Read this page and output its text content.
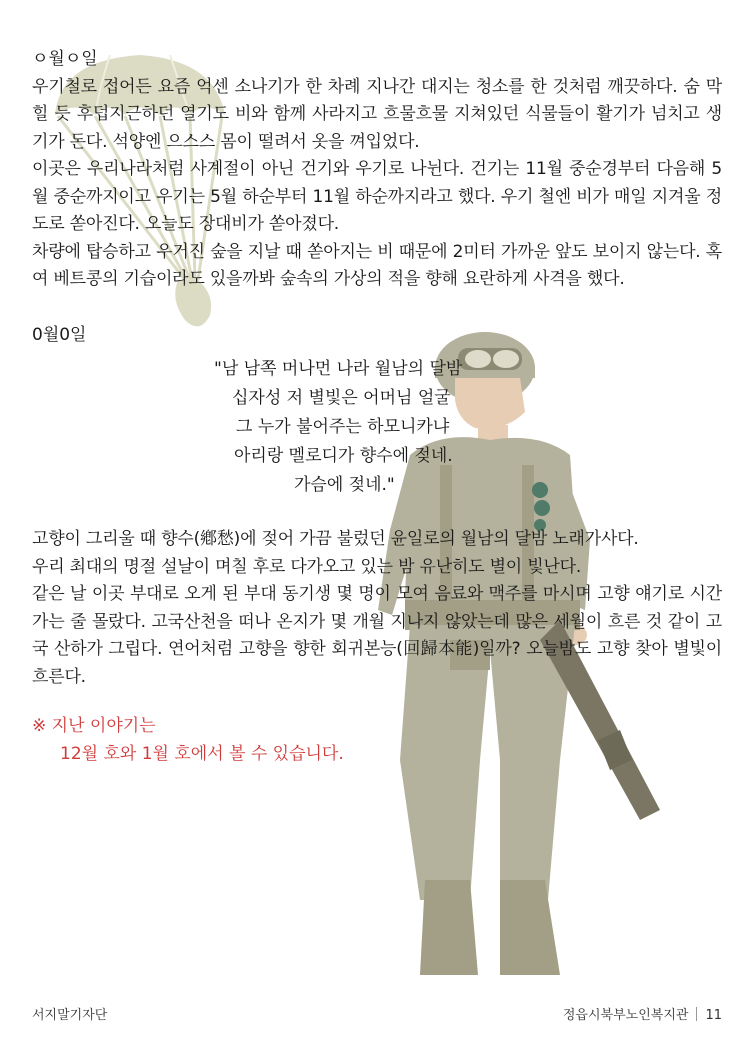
ㅇ월ㅇ일

우기철로 접어든 요즘 억센 소나기가 한 차례 지나간 대지는 청소를 한 것처럼 깨끗하다. 숨 막힐 듯 후덥지근하던 열기도 비와 함께 사라지고 흐물흐물 지쳐있던 식물들이 활기가 넘치고 생기가 돈다. 석양엔 으스스 몸이 떨려서 옷을 껴입었다.

이곳은 우리나라처럼 사계절이 아닌 건기와 우기로 나뉜다. 건기는 11월 중순경부터 다음해 5월 중순까지이고 우기는 5월 하순부터 11월 하순까지라고 했다. 우기 철엔 비가 매일 지겨울 정도로 쏟아진다. 오늘도 장대비가 쏟아졌다.

차량에 탑승하고 우거진 숲을 지날 때 쏟아지는 비 때문에 2미터 가까운 앞도 보이지 않는다. 혹여 베트콩의 기습이라도 있을까봐 숲속의 가상의 적을 향해 요란하게 사격을 했다.

0월0일

"남 남쪽 머나먼 나라 월남의 달밤
십자성 저 별빛은 어머님 얼굴
그 누가 불어주는 하모니카냐
아리랑 멜로디가 향수에 젖네.
가슴에 젖네."

고향이 그리울 때 향수(鄕愁)에 젖어 가끔 불렀던 윤일로의 월남의 달밤 노래가사다.

우리 최대의 명절 설날이 며칠 후로 다가오고 있는 밤 유난히도 별이 빛난다.

같은 날 이곳 부대로 오게 된 부대 동기생 몇 명이 모여 음료와 맥주를 마시며 고향 얘기로 시간가는 줄 몰랐다. 고국산천을 떠나 온지가 몇 개월 지나지 않았는데 많은 세월이 흐른 것 같이 고국 산하가 그립다. 연어처럼 고향을 향한 회귀본능(回歸本能)일까? 오늘밤도 고향 찾아 별빛이 흐른다.

※ 지난 이야기는
12월 호와 1월 호에서 볼 수 있습니다.
서지말기자단	정읍시북부노인복지관 11
